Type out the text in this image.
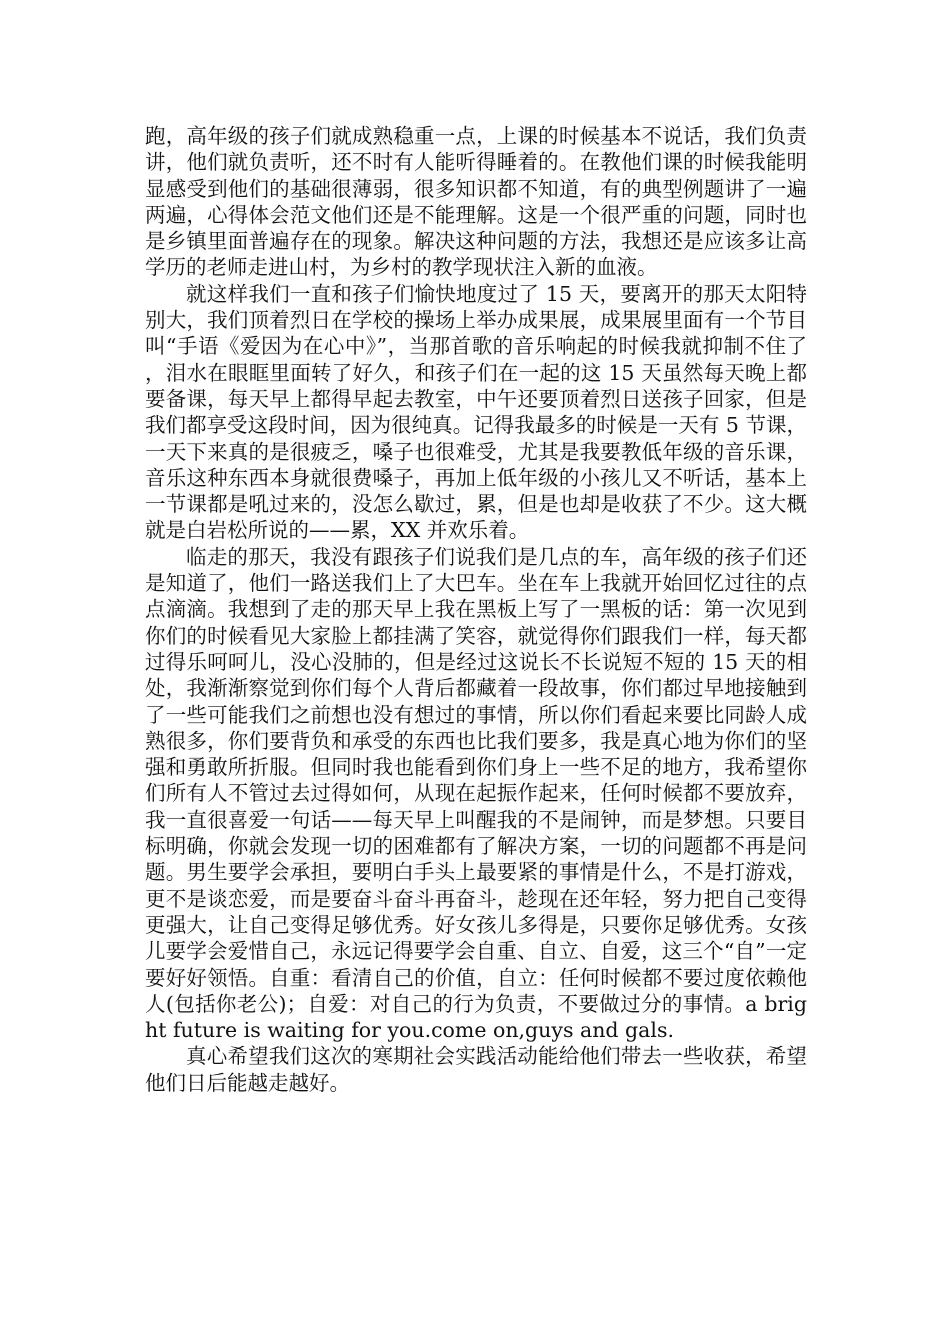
跑，高年级的孩子们就成熟稳重一点，上课的时候基本不说话，我们负责讲，他们就负责听，还不时有人能听得睡着的。在教他们课的时候我能明显感受到他们的基础很薄弱，很多知识都不知道，有的典型例题讲了一遍两遍，心得体会范文他们还是不能理解。这是一个很严重的问题，同时也是乡镇里面普遍存在的现象。解决这种问题的方法，我想还是应该多让高学历的老师走进山村，为乡村的教学现状注入新的血液。

就这样我们一直和孩子们愉快地度过了 15 天，要离开的那天太阳特别大，我们顶着烈日在学校的操场上举办成果展，成果展里面有一个节目叫“手语《爱因为在心中》”，当那首歌的音乐响起的时候我就抑制不住了，泪水在眼眶里面转了好久，和孩子们在一起的这 15 天虽然每天晚上都要备课，每天早上都得早起去教室，中午还要顶着烈日送孩子回家，但是我们都享受这段时间，因为很纯真。记得我最多的时候是一天有 5 节课，一天下来真的是很疲乏，嗓子也很难受，尤其是我要教低年级的音乐课，音乐这种东西本身就很费嗓子，再加上低年级的小孩儿又不听话，基本上一节课都是吼过来的，没怎么歇过，累，但是也却是收获了不少。这大概就是白岩松所说的——累，XX 并欢乐着。

临走的那天，我没有跟孩子们说我们是几点的车，高年级的孩子们还是知道了，他们一路送我们上了大巴车。坐在车上我就开始回忆过往的点点滴滴。我想到了走的那天早上我在黑板上写了一黑板的话：第一次见到你们的时候看见大家脸上都挂满了笑容，就觉得你们跟我们一样，每天都过得乐呵呵儿，没心没肺的，但是经过这说长不长说短不短的 15 天的相处，我渐渐察觉到你们每个人背后都藏着一段故事，你们都过早地接触到了一些可能我们之前想也没有想过的事情，所以你们看起来要比同龄人成熟很多，你们要背负和承受的东西也比我们要多，我是真心地为你们的坚强和勇敢所折服。但同时我也能看到你们身上一些不足的地方，我希望你们所有人不管过去过得如何，从现在起振作起来，任何时候都不要放弃，我一直很喜爱一句话——每天早上叫醒我的不是闹钟，而是梦想。只要目标明确，你就会发现一切的困难都有了解决方案，一切的问题都不再是问题。男生要学会承担，要明白手头上最要紧的事情是什么，不是打游戏，更不是谈恋爱，而是要奋斗奋斗再奋斗，趁现在还年轻，努力把自己变得更强大，让自己变得足够优秀。好女孩儿多得是，只要你足够优秀。女孩儿要学会爱惜自己，永远记得要学会自重、自立、自爱，这三个“自”一定要好好领悟。自重：看清自己的价值，自立：任何时候都不要过度依赖他人(包括你老公)；自爱：对自己的行为负责，不要做过分的事情。a bright future is waiting for you.come on,guys and gals.

真心希望我们这次的寒期社会实践活动能给他们带去一些收获，希望他们日后能越走越好。
